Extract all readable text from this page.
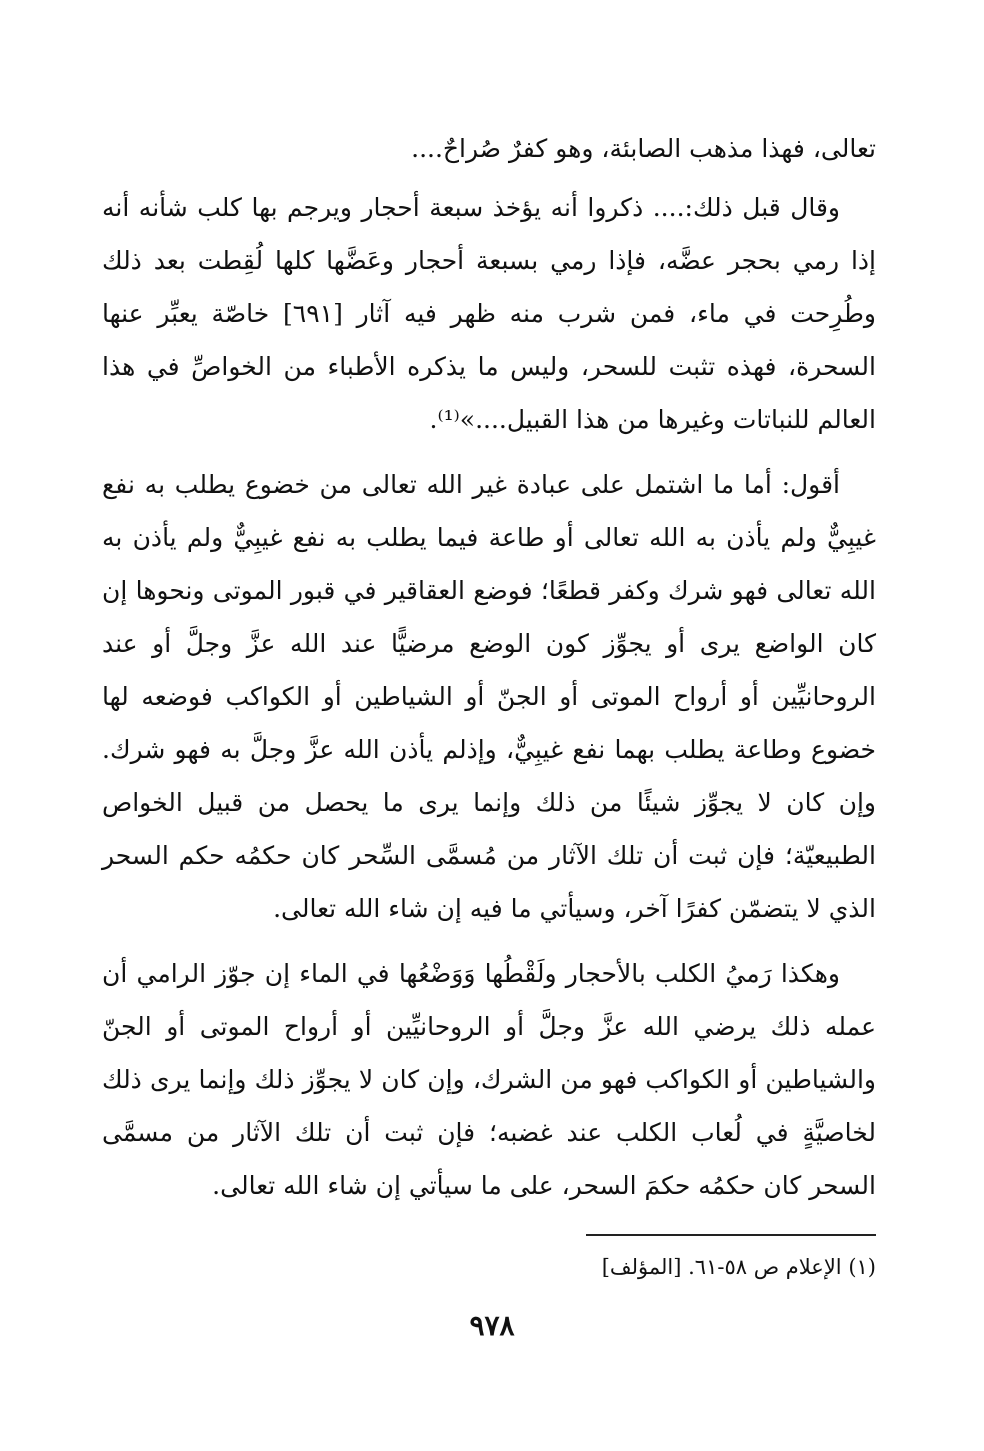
تعالى، فهذا مذهب الصابئة، وهو كفرٌ صُراحٌ....

وقال قبل ذلك:.... ذكروا أنه يؤخذ سبعة أحجار ويرجم بها كلب شأنه أنه إذا رمي بحجر عضَّه، فإذا رمي بسبعة أحجار وعَضَّها كلها لُقِطت بعد ذلك وطُرِحت في ماء، فمن شرب منه ظهر فيه آثار [٦٩١] خاصّة يعبِّر عنها السحرة، فهذه تثبت للسحر، وليس ما يذكره الأطباء من الخواصِّ في هذا العالم للنباتات وغيرها من هذا القبيل....»⁽¹⁾.

أقول: أما ما اشتمل على عبادة غير الله تعالى من خضوع يطلب به نفع غيبِيٌّ ولم يأذن به الله تعالى أو طاعة فيما يطلب به نفع غيبِيٌّ ولم يأذن به الله تعالى فهو شرك وكفر قطعًا؛ فوضع العقاقير في قبور الموتى ونحوها إن كان الواضع يرى أو يجوِّز كون الوضع مرضيًّا عند الله عزَّ وجلَّ أو عند الروحانيِّين أو أرواح الموتى أو الجنّ أو الشياطين أو الكواكب فوضعه لها خضوع وطاعة يطلب بهما نفع غيبِيٌّ، وإذلم يأذن الله عزَّ وجلَّ به فهو شرك. وإن كان لا يجوِّز شيئًا من ذلك وإنما يرى ما يحصل من قبيل الخواص الطبيعيّة؛ فإن ثبت أن تلك الآثار من مُسمَّى السِّحر كان حكمُه حكم السحر الذي لا يتضمّن كفرًا آخر، وسيأتي ما فيه إن شاء الله تعالى.

وهكذا رَميُ الكلب بالأحجار ولَقْطُها وَوَضْعُها في الماء إن جوّز الرامي أن عمله ذلك يرضي الله عزَّ وجلَّ أو الروحانيِّين أو أرواح الموتى أو الجنّ والشياطين أو الكواكب فهو من الشرك، وإن كان لا يجوِّز ذلك وإنما يرى ذلك لخاصيَّةٍ في لُعاب الكلب عند غضبه؛ فإن ثبت أن تلك الآثار من مسمَّى السحر كان حكمُه حكمَ السحر، على ما سيأتي إن شاء الله تعالى.

(١) الإعلام ص ٥٨-٦١. [المؤلف]

٩٧٨
